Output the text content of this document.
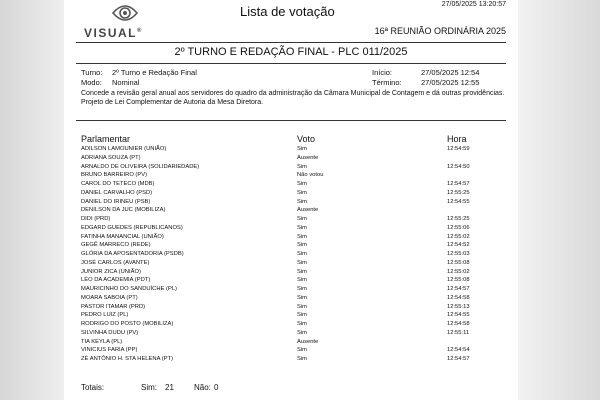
VISUAL®
Lista de votação	27/05/2025 13:20:57
16ª REUNIÃO ORDINÁRIA 2025
2º TURNO E REDAÇÃO FINAL - PLC 011/2025
Turno: 2º Turno e Redação Final
Modo: Nominal
Início:	27/05/2025 12:54
Término:	27/05/2025 12:55
Concede a revisão geral anual aos servidores do quadro da administração da Câmara Municipal de Contagem e dá outras providências. Projeto de Lei Complementar de Autoria da Mesa Diretora.
Parlamentar	Voto	Hora
ADILSON LAMOUNIER (UNIÃO)	Sim	12:54:59
ADRIANA SOUZA (PT)	Ausente
ARNALDO DE OLIVEIRA (SOLIDARIEDADE)	Sim	12:54:50
BRUNO BARREIRO (PV)	Não votou
CAROL DO TETECO (MDB)	Sim	12:54:57
DANIEL CARVALHO (PSD)	Sim	12:55:25
DANIEL DO IRINEU (PSB)	Sim	12:54:55
DENILSON DA JUC (MOBILIZA)	Ausente
DIDI (PRD)	Sim	12:55:25
EDGARD GUEDES (REPUBLICANOS)	Sim	12:55:06
FATINHA MANANCIAL (UNIÃO)	Sim	12:55:02
GEGÊ MARRECO (REDE)	Sim	12:54:52
GLÓRIA DA APOSENTADORIA (PSDB)	Sim	12:55:03
JOSÉ CARLOS (AVANTE)	Sim	12:55:08
JUNIOR ZICA (UNIÃO)	Sim	12:55:02
LÉO DA ACADEMIA (PDT)	Sim	12:55:08
MAURICINHO DO SANDUÍCHE (PL)	Sim	12:54:57
MOARA SABOIA (PT)	Sim	12:54:58
PASTOR ITAMAR (PRD)	Sim	12:55:13
PEDRO LUIZ (PL)	Sim	12:54:55
RODRIGO DO POSTO (MOBILIZA)	Sim	12:54:58
SILVINHA DUDU (PV)	Sim	12:55:11
TIA KEYLA (PL)	Ausente
VINICIUS FARIA (PP)	Sim	12:54:54
ZÉ ANTÔNIO H. STA HELENA (PT)	Sim	12:54:57
Totais:	Sim: 21	Não: 0
